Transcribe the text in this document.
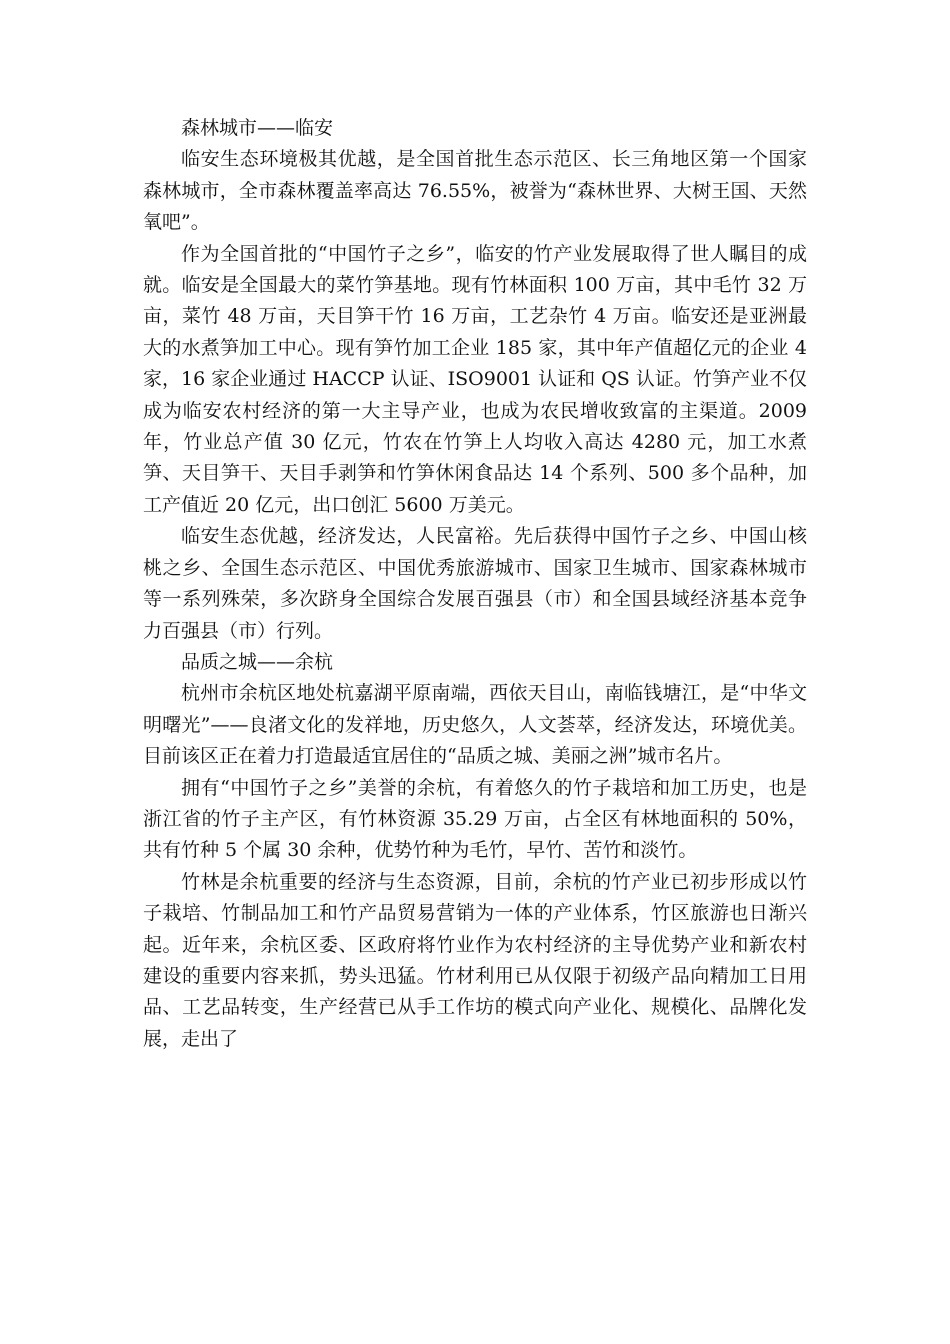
森林城市——临安

临安生态环境极其优越，是全国首批生态示范区、长三角地区第一个国家森林城市，全市森林覆盖率高达 76.55%，被誉为“森林世界、大树王国、天然氧吧”。

作为全国首批的“中国竹子之乡”，临安的竹产业发展取得了世人瞩目的成就。临安是全国最大的菜竹笋基地。现有竹林面积 100 万亩，其中毛竹 32 万亩，菜竹 48 万亩，天目笋干竹 16 万亩，工艺杂竹 4 万亩。临安还是亚洲最大的水煮笋加工中心。现有笋竹加工企业 185 家，其中年产值超亿元的企业 4 家，16 家企业通过 HACCP 认证、ISO9001 认证和 QS 认证。竹笋产业不仅成为临安农村经济的第一大主导产业，也成为农民增收致富的主渠道。2009 年，竹业总产值 30 亿元，竹农在竹笋上人均收入高达 4280 元，加工水煮笋、天目笋干、天目手剥笋和竹笋休闲食品达 14 个系列、500 多个品种，加工产值近 20 亿元，出口创汇 5600 万美元。

临安生态优越，经济发达，人民富裕。先后获得中国竹子之乡、中国山核桃之乡、全国生态示范区、中国优秀旅游城市、国家卫生城市、国家森林城市等一系列殊荣，多次跻身全国综合发展百强县（市）和全国县域经济基本竞争力百强县（市）行列。

品质之城——余杭

杭州市余杭区地处杭嘉湖平原南端，西依天目山，南临钱塘江，是“中华文明曙光”——良渚文化的发祥地，历史悠久，人文荟萃，经济发达，环境优美。目前该区正在着力打造最适宜居住的“品质之城、美丽之洲”城市名片。

拥有“中国竹子之乡”美誉的余杭，有着悠久的竹子栽培和加工历史，也是浙江省的竹子主产区，有竹林资源 35.29 万亩，占全区有林地面积的 50%，共有竹种 5 个属 30 余种，优势竹种为毛竹，早竹、苦竹和淡竹。

竹林是余杭重要的经济与生态资源，目前，余杭的竹产业已初步形成以竹子栽培、竹制品加工和竹产品贸易营销为一体的产业体系，竹区旅游也日渐兴起。近年来，余杭区委、区政府将竹业作为农村经济的主导优势产业和新农村建设的重要内容来抓，势头迅猛。竹材利用已从仅限于初级产品向精加工日用品、工艺品转变，生产经营已从手工作坊的模式向产业化、规模化、品牌化发展，走出了
